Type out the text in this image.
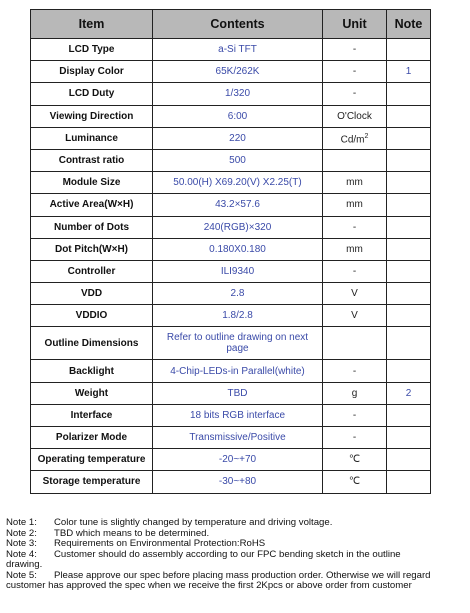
Item	Contents	Unit	Note
LCD Type	a-Si TFT	-	
Display Color	65K/262K	-	1
LCD Duty	1/320	-	
Viewing Direction	6:00	O'Clock	
Luminance	220	$Cd/m^2$	
Contrast ratio	500		
Module Size	50.00(H) X69.20(V) X2.25(T)	mm	
Active Area(W×H)	43.2×57.6	mm	
Number of Dots	240(RGB)×320	-	
Dot Pitch(W×H)	0.180X0.180	mm	
Controller	ILI9340	-	
VDD	2.8	V	
VDDIO	1.8/2.8	V	
Outline Dimensions	Refer to outline drawing on next page		
Backlight	4-Chip-LEDs-in Parallel(white)	-	
Weight	TBD	g	2
Interface	18 bits RGB interface	-	
Polarizer Mode	Transmissive/Positive	-	
Operating temperature	-20~+70	℃	
Storage temperature	-30~+80	℃	
Note 1:	Color tune is slightly changed by temperature and driving voltage.
Note 2:	TBD which means to be determined.
Note 3:	Requirements on Environmental Protection:RoHS
Note 4:	Customer should do assembly according to our FPC bending sketch in the outline
drawing.
Note 5:	Please approve our spec before placing mass production order. Otherwise we will regard
customer has approved the spec when we receive the first 2Kpcs or above order from customer
